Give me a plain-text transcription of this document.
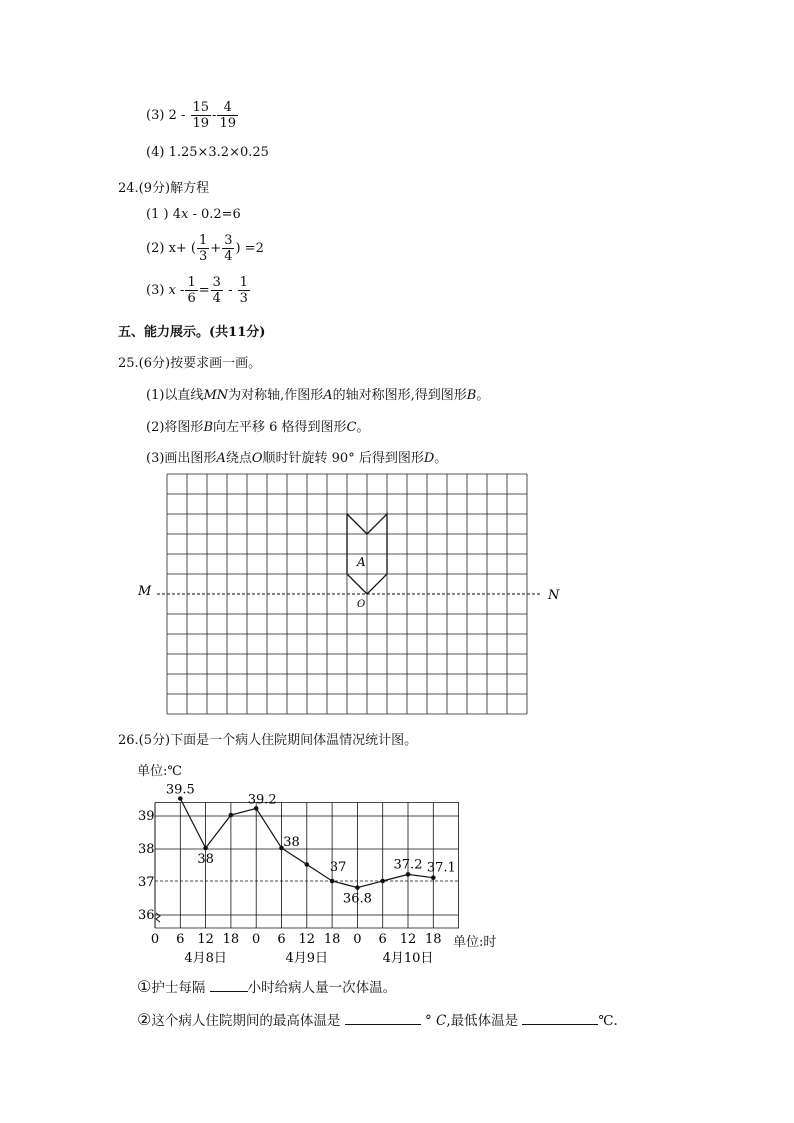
(3) $2 - \frac{15}{19} - \frac{4}{19}$
(4) 1.25×3.2×0.25
24.(9分)解方程
(1 ) 4x - 0.2=6
(2) x+ ( $\frac{1}{3} + \frac{3}{4}$ ) =2
(3) $x - \frac{1}{6} = \frac{3}{4} - \frac{1}{3}$
五、能力展示。(共11分)
25.(6分)按要求画一画。
(1)以直线MN为对称轴,作图形A的轴对称图形,得到图形B。
(2)将图形B向左平移 6 格得到图形C。
(3)画出图形A绕点O顺时针旋转 90° 后得到图形D。
M	N
A
O
26.(5分)下面是一个病人住院期间体温情况统计图。
单位:℃
36
37
38
39
0 6 12 18 0 6 12 18 0 6 12 18
4月8日	4月9日	4月10日
39.5
38
39.2
38
37
36.8
37.2 37.1
单位:时
①护士每隔	小时给病人量一次体温。
②这个病人住院期间的最高体温是	° C,最低体温是	℃.
